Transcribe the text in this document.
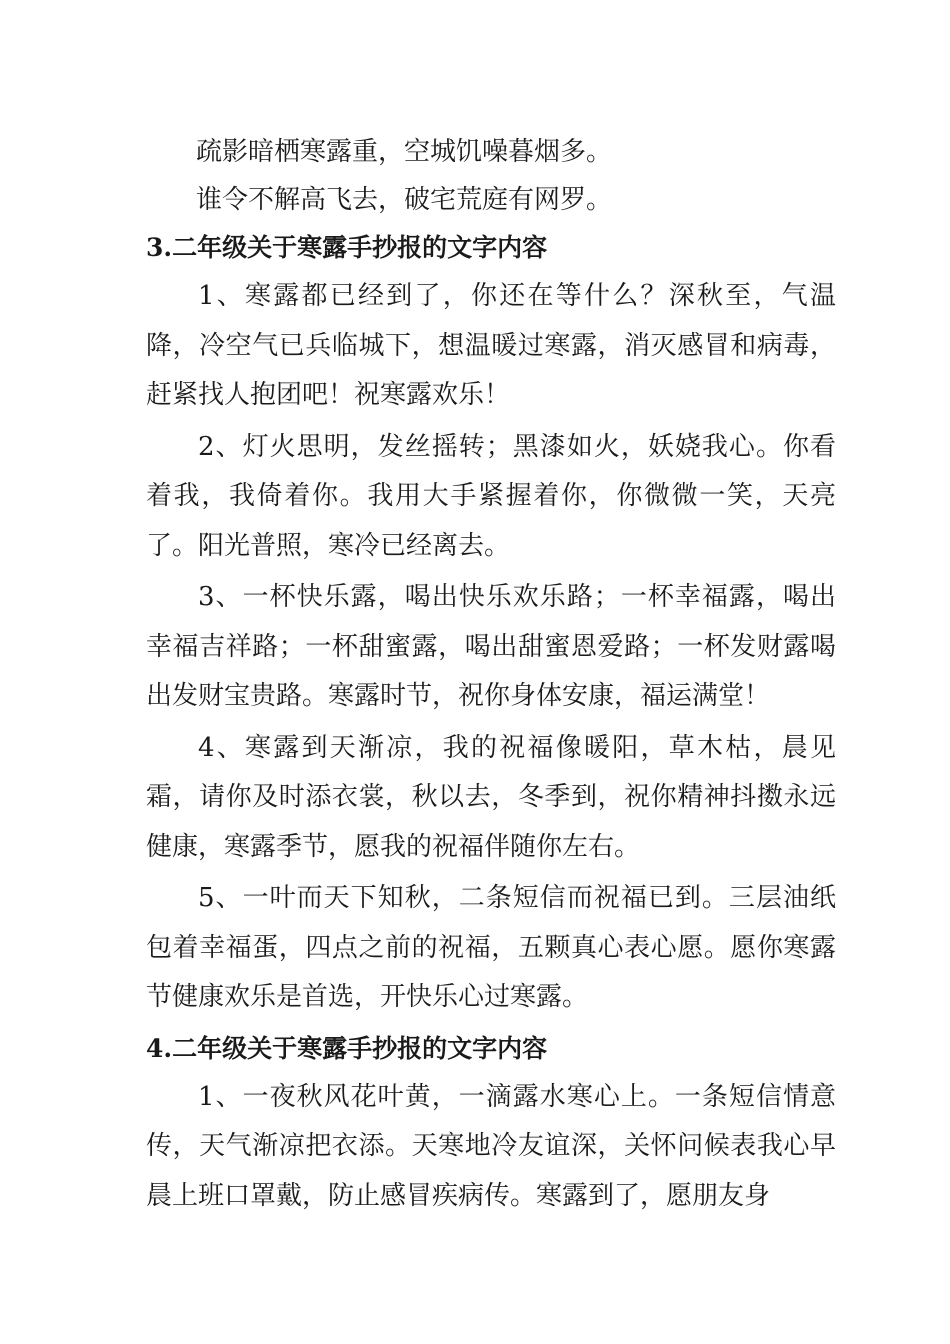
疏影暗栖寒露重，空城饥噪暮烟多。

谁令不解高飞去，破宅荒庭有网罗。

3.二年级关于寒露手抄报的文字内容

1、寒露都已经到了，你还在等什么？深秋至，气温降，冷空气已兵临城下，想温暖过寒露，消灭感冒和病毒，赶紧找人抱团吧！祝寒露欢乐！

2、灯火思明，发丝摇转；黑漆如火，妖娆我心。你看着我，我倚着你。我用大手紧握着你，你微微一笑，天亮了。阳光普照，寒冷已经离去。

3、一杯快乐露，喝出快乐欢乐路；一杯幸福露，喝出幸福吉祥路；一杯甜蜜露，喝出甜蜜恩爱路；一杯发财露喝出发财宝贵路。寒露时节，祝你身体安康，福运满堂！

4、寒露到天渐凉，我的祝福像暖阳，草木枯，晨见霜，请你及时添衣裳，秋以去，冬季到，祝你精神抖擞永远健康，寒露季节，愿我的祝福伴随你左右。

5、一叶而天下知秋，二条短信而祝福已到。三层油纸包着幸福蛋，四点之前的祝福，五颗真心表心愿。愿你寒露节健康欢乐是首选，开快乐心过寒露。

4.二年级关于寒露手抄报的文字内容

1、一夜秋风花叶黄，一滴露水寒心上。一条短信情意传，天气渐凉把衣添。天寒地冷友谊深，关怀问候表我心早晨上班口罩戴，防止感冒疾病传。寒露到了，愿朋友身
